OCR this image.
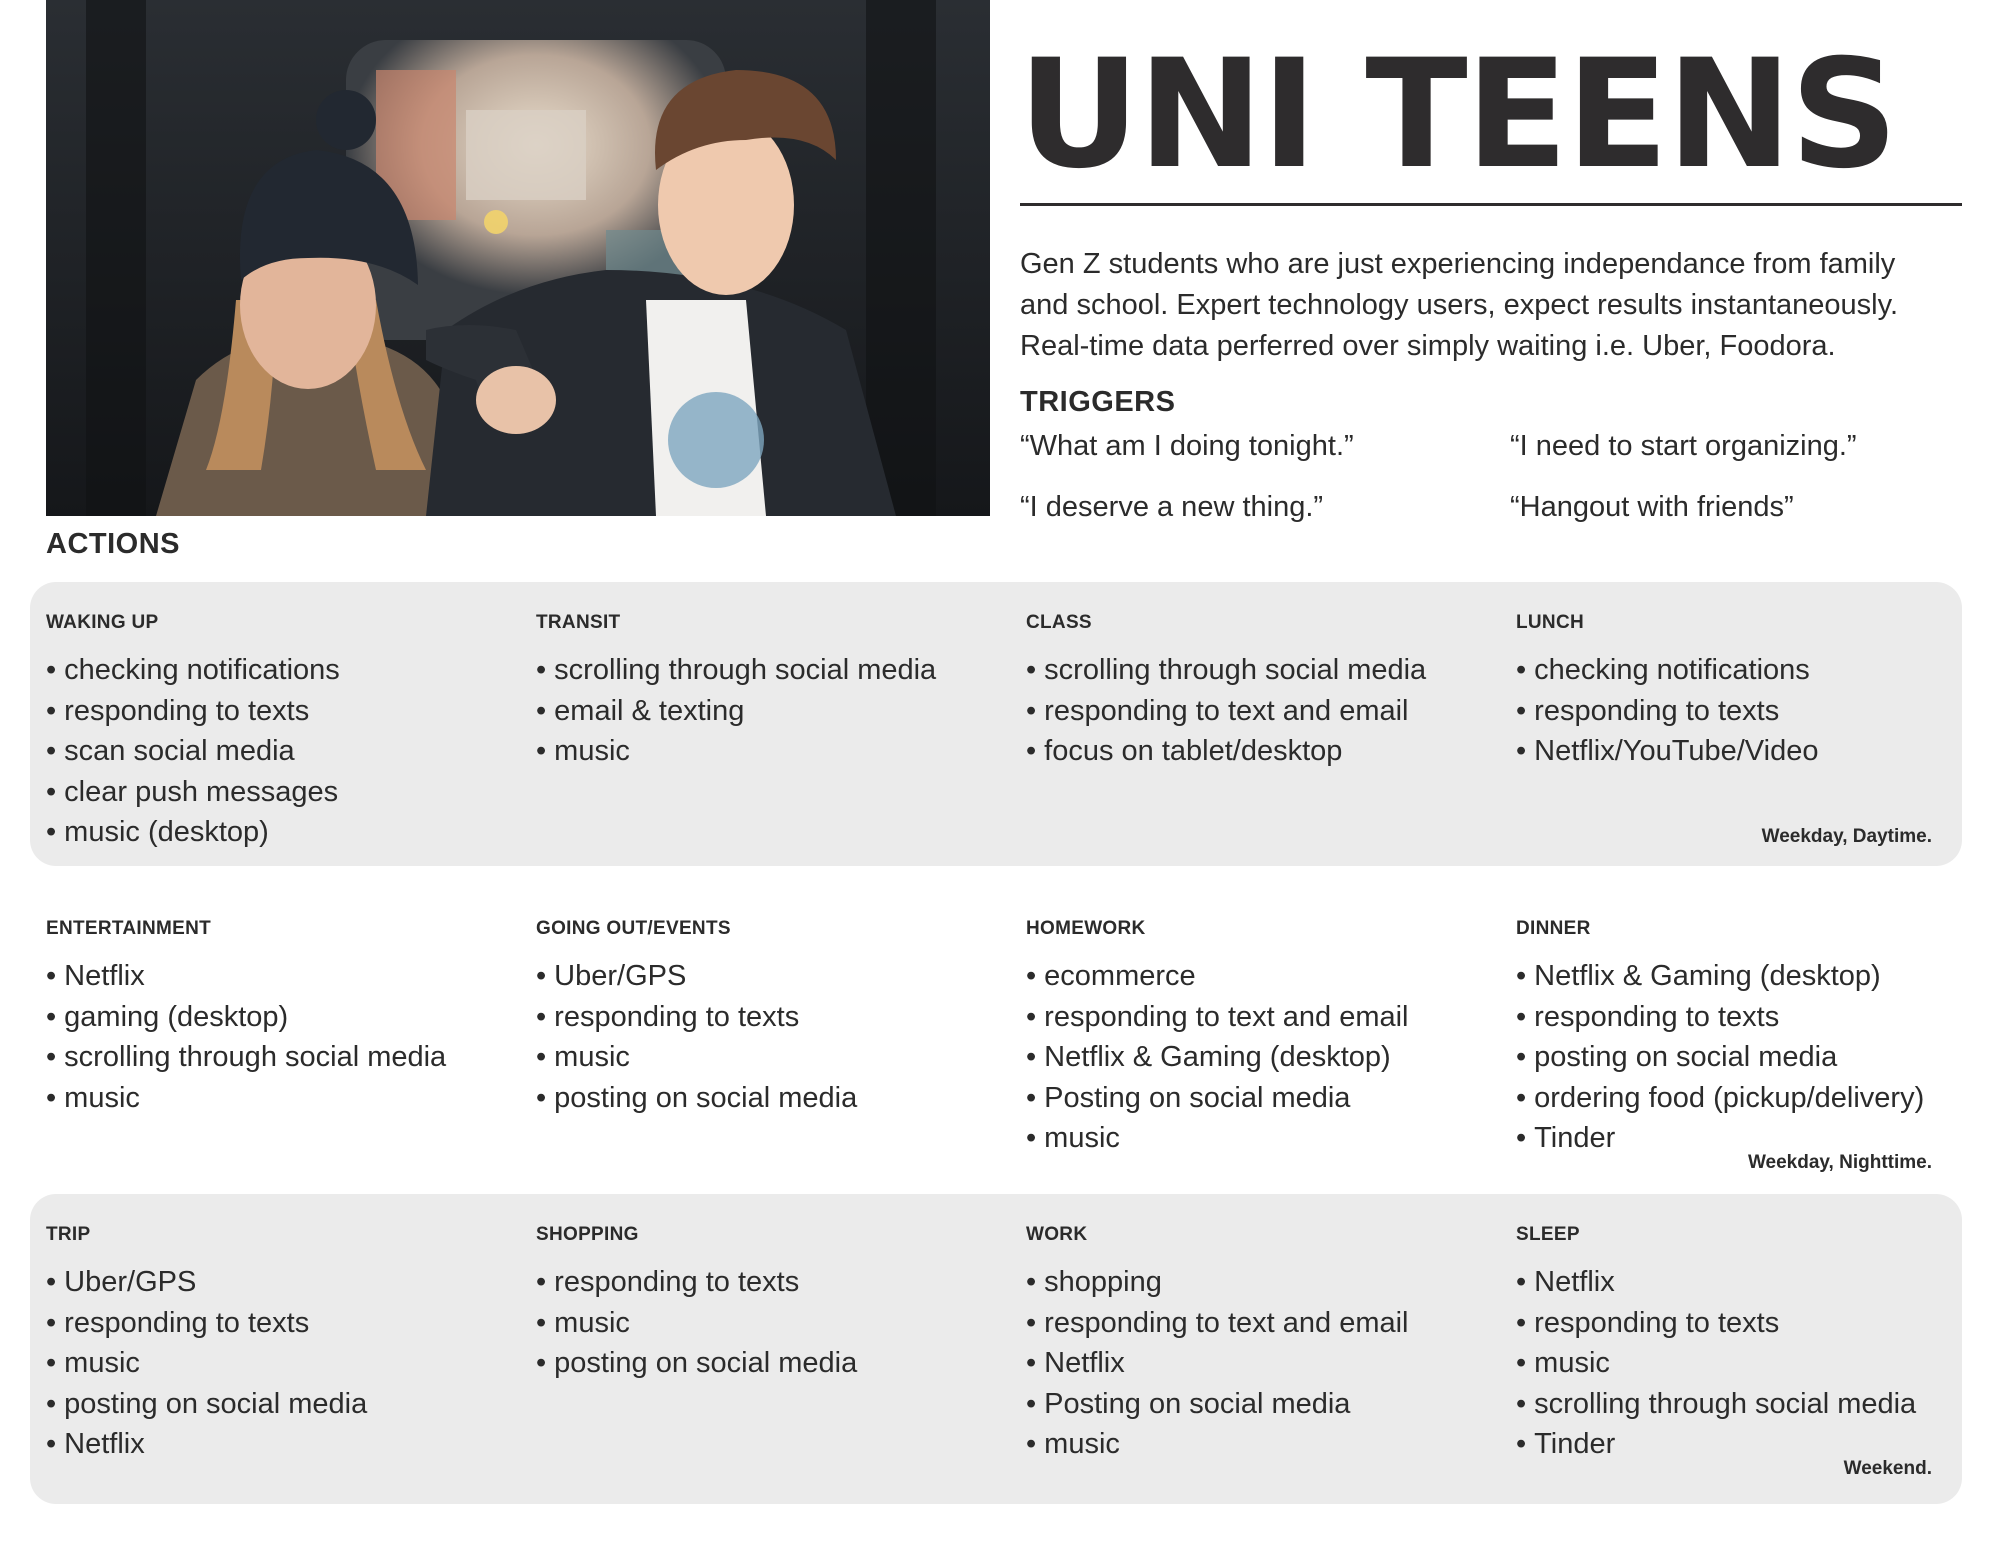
UNI TEENS

Gen Z students who are just experiencing independance from family
and school. Expert technology users, expect results instantaneously.
Real-time data perferred over simply waiting i.e. Uber, Foodora.

TRIGGERS
“What am I doing tonight.”	“I need to start organizing.”
“I deserve a new thing.”	“Hangout with friends”
ACTIONS
WAKING UP
• checking notifications
• responding to texts
• scan social media
• clear push messages
• music (desktop)
TRANSIT
• scrolling through social media
• email & texting
• music
CLASS
• scrolling through social media
• responding to text and email
• focus on tablet/desktop
LUNCH
• checking notifications
• responding to texts
• Netflix/YouTube/Video
Weekday, Daytime.
ENTERTAINMENT
• Netflix
• gaming (desktop)
• scrolling through social media
• music
GOING OUT/EVENTS
• Uber/GPS
• responding to texts
• music
• posting on social media
HOMEWORK
• ecommerce
• responding to text and email
• Netflix & Gaming (desktop)
• Posting on social media
• music
DINNER
• Netflix & Gaming (desktop)
• responding to texts
• posting on social media
• ordering food (pickup/delivery)
• Tinder
Weekday, Nighttime.
TRIP
• Uber/GPS
• responding to texts
• music
• posting on social media
• Netflix
SHOPPING
• responding to texts
• music
• posting on social media
WORK
• shopping
• responding to text and email
• Netflix
• Posting on social media
• music
SLEEP
• Netflix
• responding to texts
• music
• scrolling through social media
• Tinder
Weekend.
